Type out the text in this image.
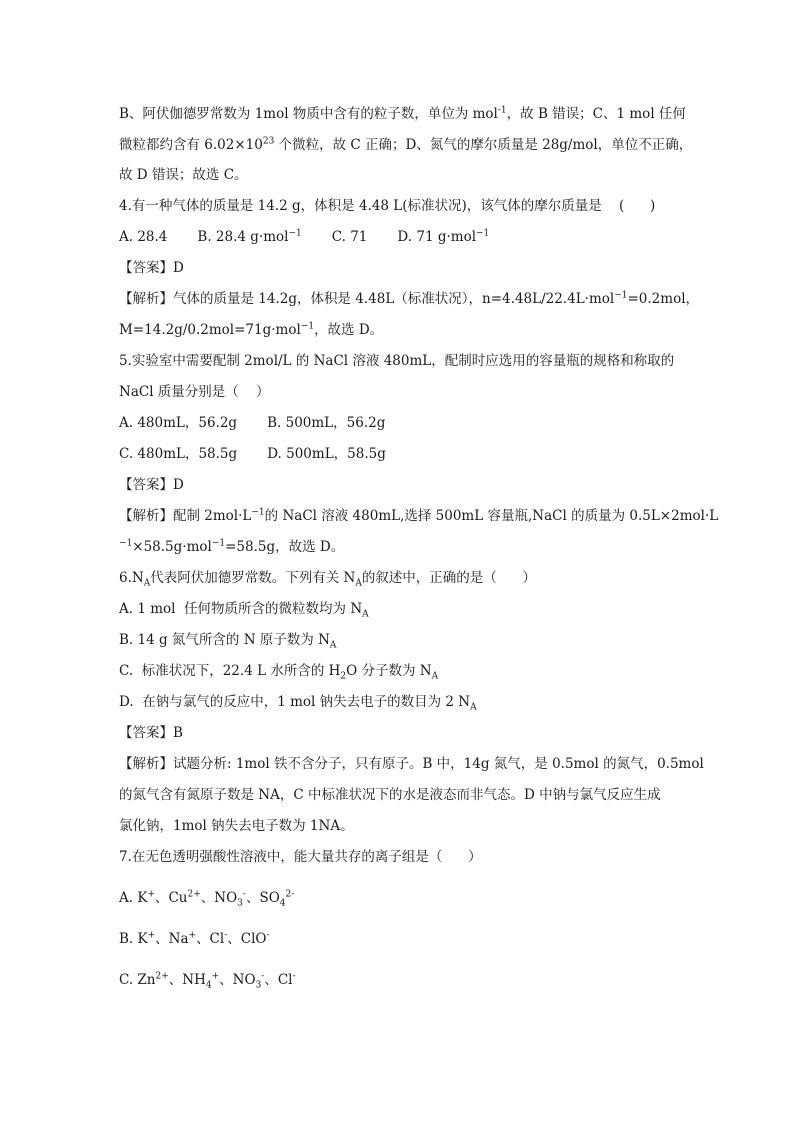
B、阿伏伽德罗常数为 1mol 物质中含有的粒子数，单位为 mol$^{-1}$，故 B 错误；C、1 mol 任何
微粒都约含有 $6.02\times 10^{23}$ 个微粒，故 C 正确；D、氮气的摩尔质量是 28g/mol，单位不正确，
故 D 错误；故选 C。
4.有一种气体的质量是 14.2 g，体积是 4.48 L(标准状况)，该气体的摩尔质量是    (      )
A. 28.4       B. 28.4 g·mol$^{-1}$       C. 71       D. 71 g·mol$^{-1}$
【答案】D
【解析】气体的质量是 14.2g，体积是 4.48L（标准状况），n=4.48L/22.4L·mol$^{-1}$=0.2mol，
M=14.2g/0.2mol=71g·mol$^{-1}$，故选 D。
5.实验室中需要配制 2mol/L 的 NaCl 溶液 480mL，配制时应选用的容量瓶的规格和称取的
NaCl 质量分别是（    ）
A. 480mL，56.2g       B. 500mL，56.2g
C. 480mL，58.5g       D. 500mL，58.5g
【答案】D
【解析】配制 $2mol\cdot L^{-1}$的 NaCl 溶液 480mL,选择 500mL 容量瓶,NaCl 的质量为 0.5L×2mol·L
$^{-1}$×58.5g·mol$^{-1}$=58.5g，故选 D。
$6.N_A$代表阿伏加德罗常数。下列有关 $N_A$的叙述中，正确的是（      ）
A. 1 mol  任何物质所含的微粒数均为 $N_A$
B. 14 g 氮气所含的 N 原子数为 $N_A$
C.  标准状况下，22.4 L 水所含的 $H_2O$ 分子数为 $N_A$
D.  在钠与氯气的反应中，1 mol 钠失去电子的数目为 2 $N_A$
【答案】B
【解析】试题分析: 1mol 铁不含分子，只有原子。B 中，14g 氮气，是 0.5mol 的氮气，0.5mol
的氮气含有氮原子数是 NA，C 中标准状况下的水是液态而非气态。D 中钠与氯气反应生成
氯化钠，1mol 钠失去电子数为 1NA。
7.在无色透明强酸性溶液中，能大量共存的离子组是（      ）
A. K+、$Cu^{2+}$、$NO_3^-$、$SO_4^{2-}$
B. K+、Na+、Cl-、ClO-
C. $Zn^{2+}$、$NH_4^+$、$NO_3^-$、Cl-
